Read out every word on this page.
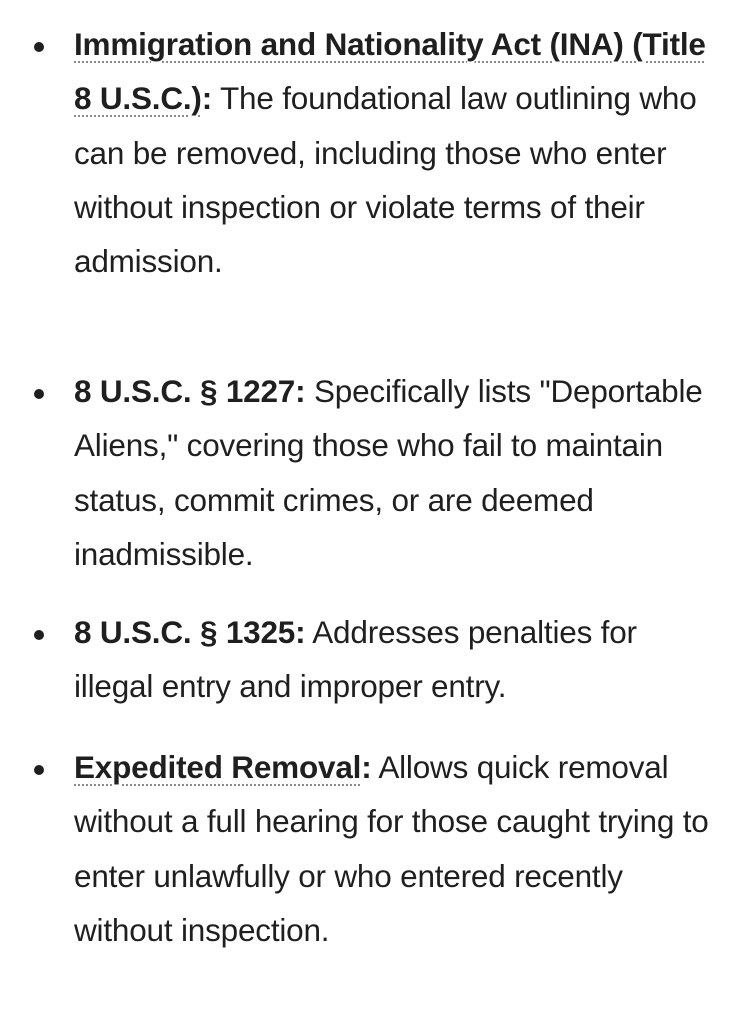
Immigration and Nationality Act (INA) (Title 8 U.S.C.): The foundational law outlining who can be removed, including those who enter without inspection or violate terms of their admission.

8 U.S.C. § 1227: Specifically lists "Deportable Aliens," covering those who fail to maintain status, commit crimes, or are deemed inadmissible.

8 U.S.C. § 1325: Addresses penalties for illegal entry and improper entry.

Expedited Removal: Allows quick removal without a full hearing for those caught trying to enter unlawfully or who entered recently without inspection.
